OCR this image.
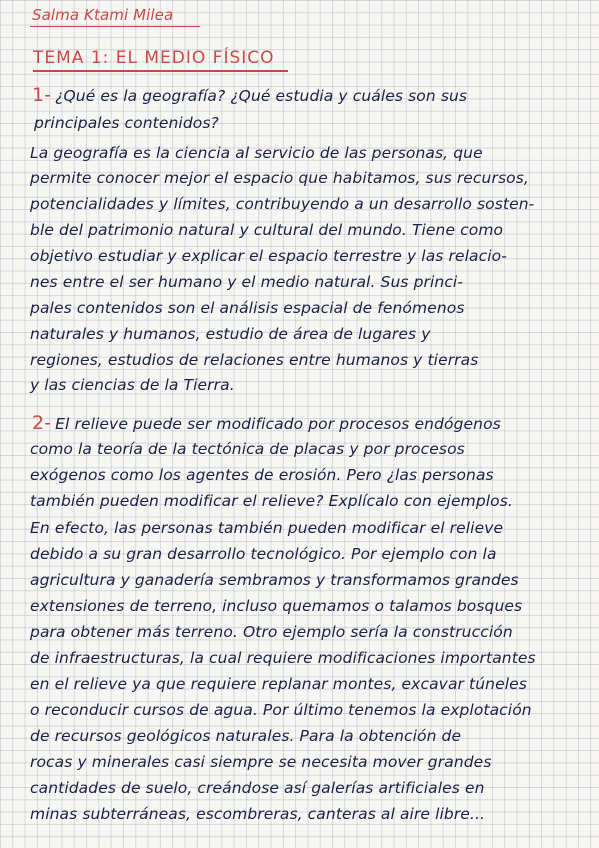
Salma Ktami Milea
TEMA 1: EL MEDIO FÍSICO
1- ¿Qué es la geografía? ¿Qué estudia y cuáles son sus
principales contenidos?
La geografía es la ciencia al servicio de las personas, que
permite conocer mejor el espacio que habitamos, sus recursos,
potencialidades y límites, contribuyendo a un desarrollo sosten-
ble del patrimonio natural y cultural del mundo. Tiene como
objetivo estudiar y explicar el espacio terrestre y las relacio-
nes entre el ser humano y el medio natural. Sus princi-
pales contenidos son el análisis espacial de fenómenos
naturales y humanos, estudio de área de lugares y
regiones, estudios de relaciones entre humanos y tierras
y las ciencias de la Tierra.
2- El relieve puede ser modificado por procesos endógenos
como la teoría de la tectónica de placas y por procesos
exógenos como los agentes de erosión. Pero ¿las personas
también pueden modificar el relieve? Explícalo con ejemplos.
En efecto, las personas también pueden modificar el relieve
debido a su gran desarrollo tecnológico. Por ejemplo con la
agricultura y ganadería sembramos y transformamos grandes
extensiones de terreno, incluso quemamos o talamos bosques
para obtener más terreno. Otro ejemplo sería la construcción
de infraestructuras, la cual requiere modificaciones importantes
en el relieve ya que requiere replanar montes, excavar túneles
o reconducir cursos de agua. Por último tenemos la explotación
de recursos geológicos naturales. Para la obtención de
rocas y minerales casi siempre se necesita mover grandes
cantidades de suelo, creándose así galerías artificiales en
minas subterráneas, escombreras, canteras al aire libre...
